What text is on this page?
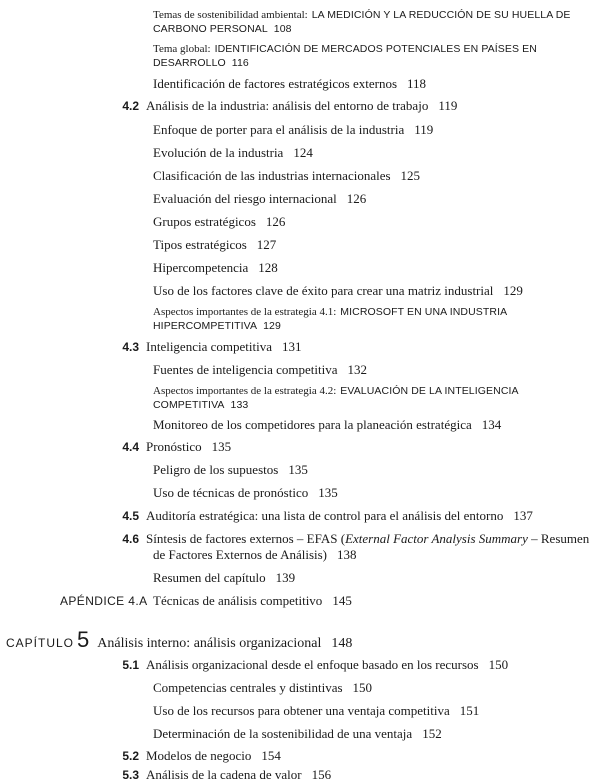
Temas de sostenibilidad ambiental: LA MEDICIÓN Y LA REDUCCIÓN DE SU HUELLA DE
CARBONO PERSONAL 108
Tema global: IDENTIFICACIÓN DE MERCADOS POTENCIALES EN PAÍSES EN
DESARROLLO 116
Identificación de factores estratégicos externos 118
4.2 Análisis de la industria: análisis del entorno de trabajo 119
Enfoque de porter para el análisis de la industria 119
Evolución de la industria 124
Clasificación de las industrias internacionales 125
Evaluación del riesgo internacional 126
Grupos estratégicos 126
Tipos estratégicos 127
Hipercompetencia 128
Uso de los factores clave de éxito para crear una matriz industrial 129
Aspectos importantes de la estrategia 4.1: MICROSOFT EN UNA INDUSTRIA
HIPERCOMPETITIVA 129
4.3 Inteligencia competitiva 131
Fuentes de inteligencia competitiva 132
Aspectos importantes de la estrategia 4.2: EVALUACIÓN DE LA INTELIGENCIA
COMPETITIVA 133
Monitoreo de los competidores para la planeación estratégica 134
4.4 Pronóstico 135
Peligro de los supuestos 135
Uso de técnicas de pronóstico 135
4.5 Auditoría estratégica: una lista de control para el análisis del entorno 137
4.6 Síntesis de factores externos – EFAS (External Factor Analysis Summary – Resumen
de Factores Externos de Análisis) 138
Resumen del capítulo 139
APÉNDICE 4.A Técnicas de análisis competitivo 145
CAPÍTULO 5 Análisis interno: análisis organizacional 148
5.1 Análisis organizacional desde el enfoque basado en los recursos 150
Competencias centrales y distintivas 150
Uso de los recursos para obtener una ventaja competitiva 151
Determinación de la sostenibilidad de una ventaja 152
5.2 Modelos de negocio 154
5.3 Análisis de la cadena de valor 156
